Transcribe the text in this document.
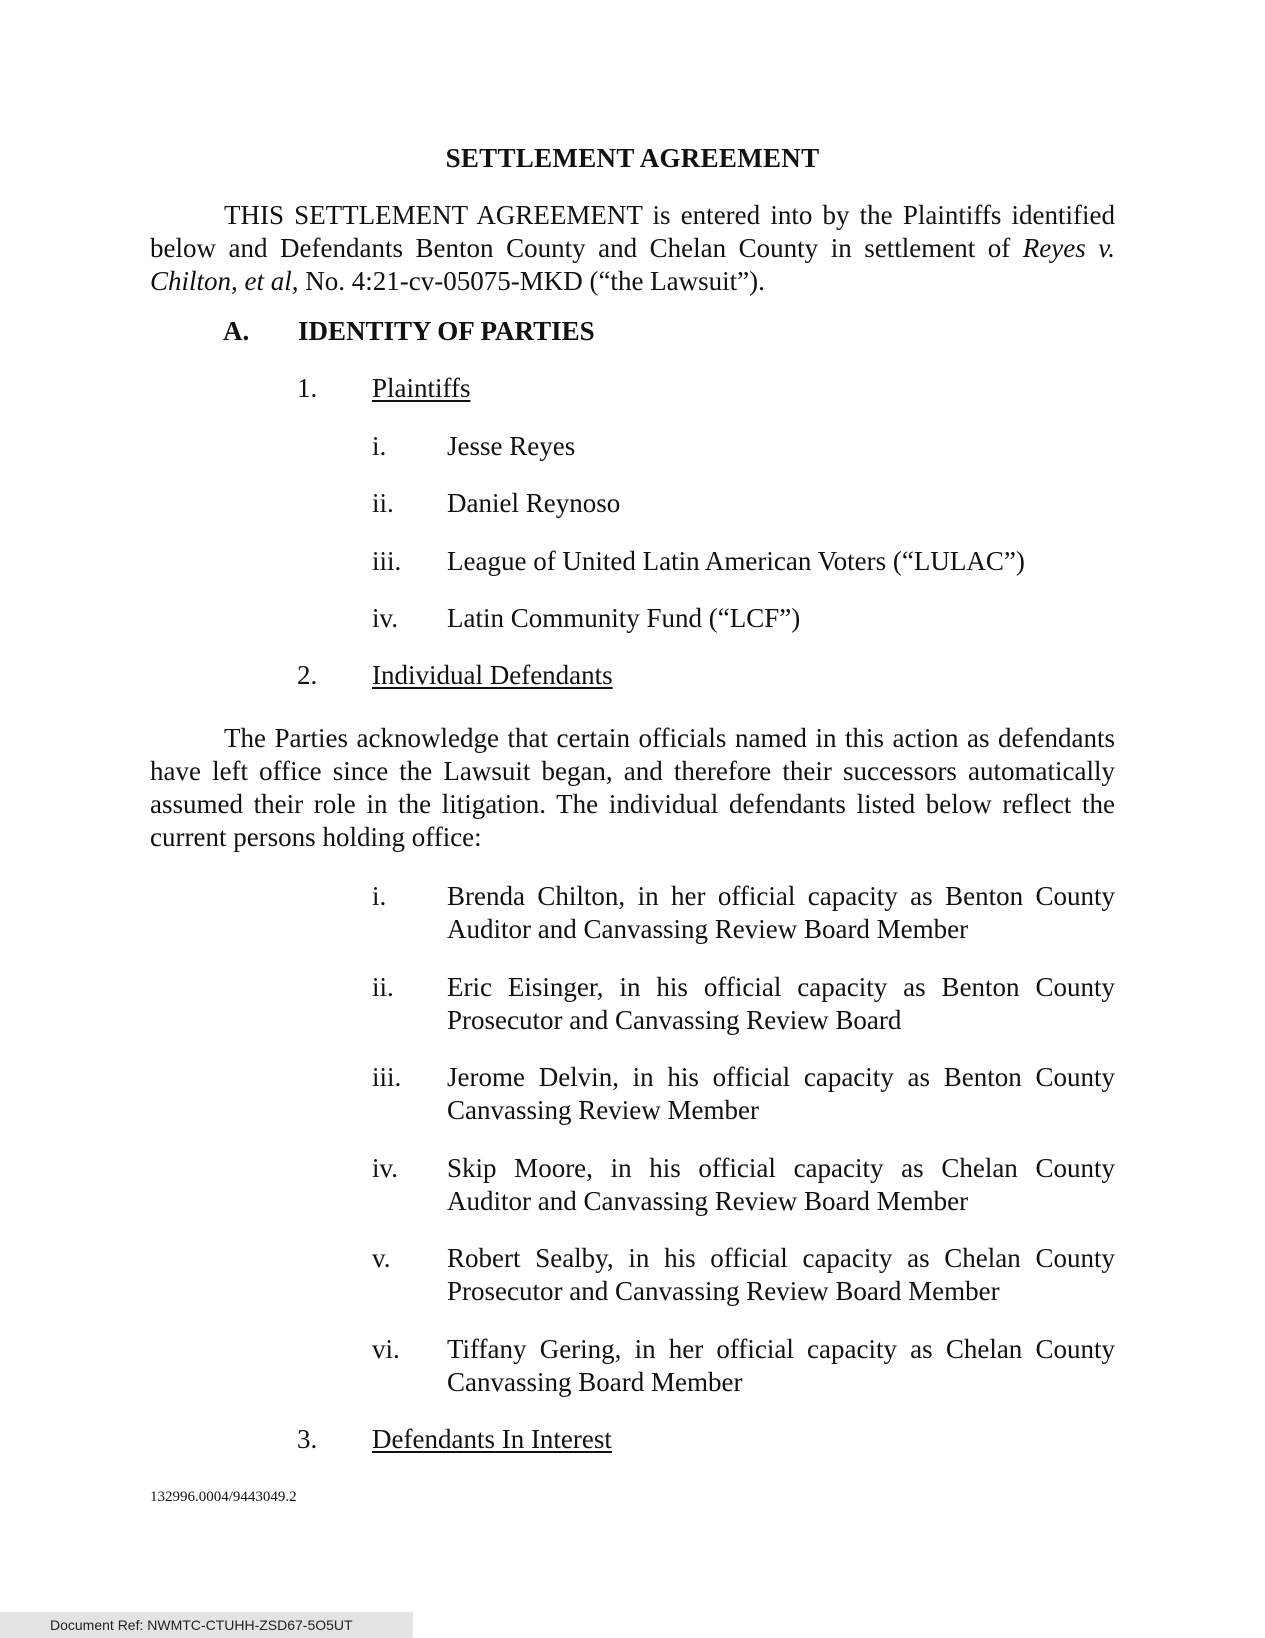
SETTLEMENT AGREEMENT
THIS SETTLEMENT AGREEMENT is entered into by the Plaintiffs identified below and Defendants Benton County and Chelan County in settlement of Reyes v. Chilton, et al, No. 4:21-cv-05075-MKD (“the Lawsuit”).
A. IDENTITY OF PARTIES
1. Plaintiffs
i. Jesse Reyes
ii. Daniel Reynoso
iii. League of United Latin American Voters (“LULAC”)
iv. Latin Community Fund (“LCF”)
2. Individual Defendants
The Parties acknowledge that certain officials named in this action as defendants have left office since the Lawsuit began, and therefore their successors automatically assumed their role in the litigation. The individual defendants listed below reflect the current persons holding office:
i. Brenda Chilton, in her official capacity as Benton County Auditor and Canvassing Review Board Member
ii. Eric Eisinger, in his official capacity as Benton County Prosecutor and Canvassing Review Board
iii. Jerome Delvin, in his official capacity as Benton County Canvassing Review Member
iv. Skip Moore, in his official capacity as Chelan County Auditor and Canvassing Review Board Member
v. Robert Sealby, in his official capacity as Chelan County Prosecutor and Canvassing Review Board Member
vi. Tiffany Gering, in her official capacity as Chelan County Canvassing Board Member
3. Defendants In Interest
132996.0004/9443049.2
Document Ref: NWMTC-CTUHH-ZSD67-5O5UT
